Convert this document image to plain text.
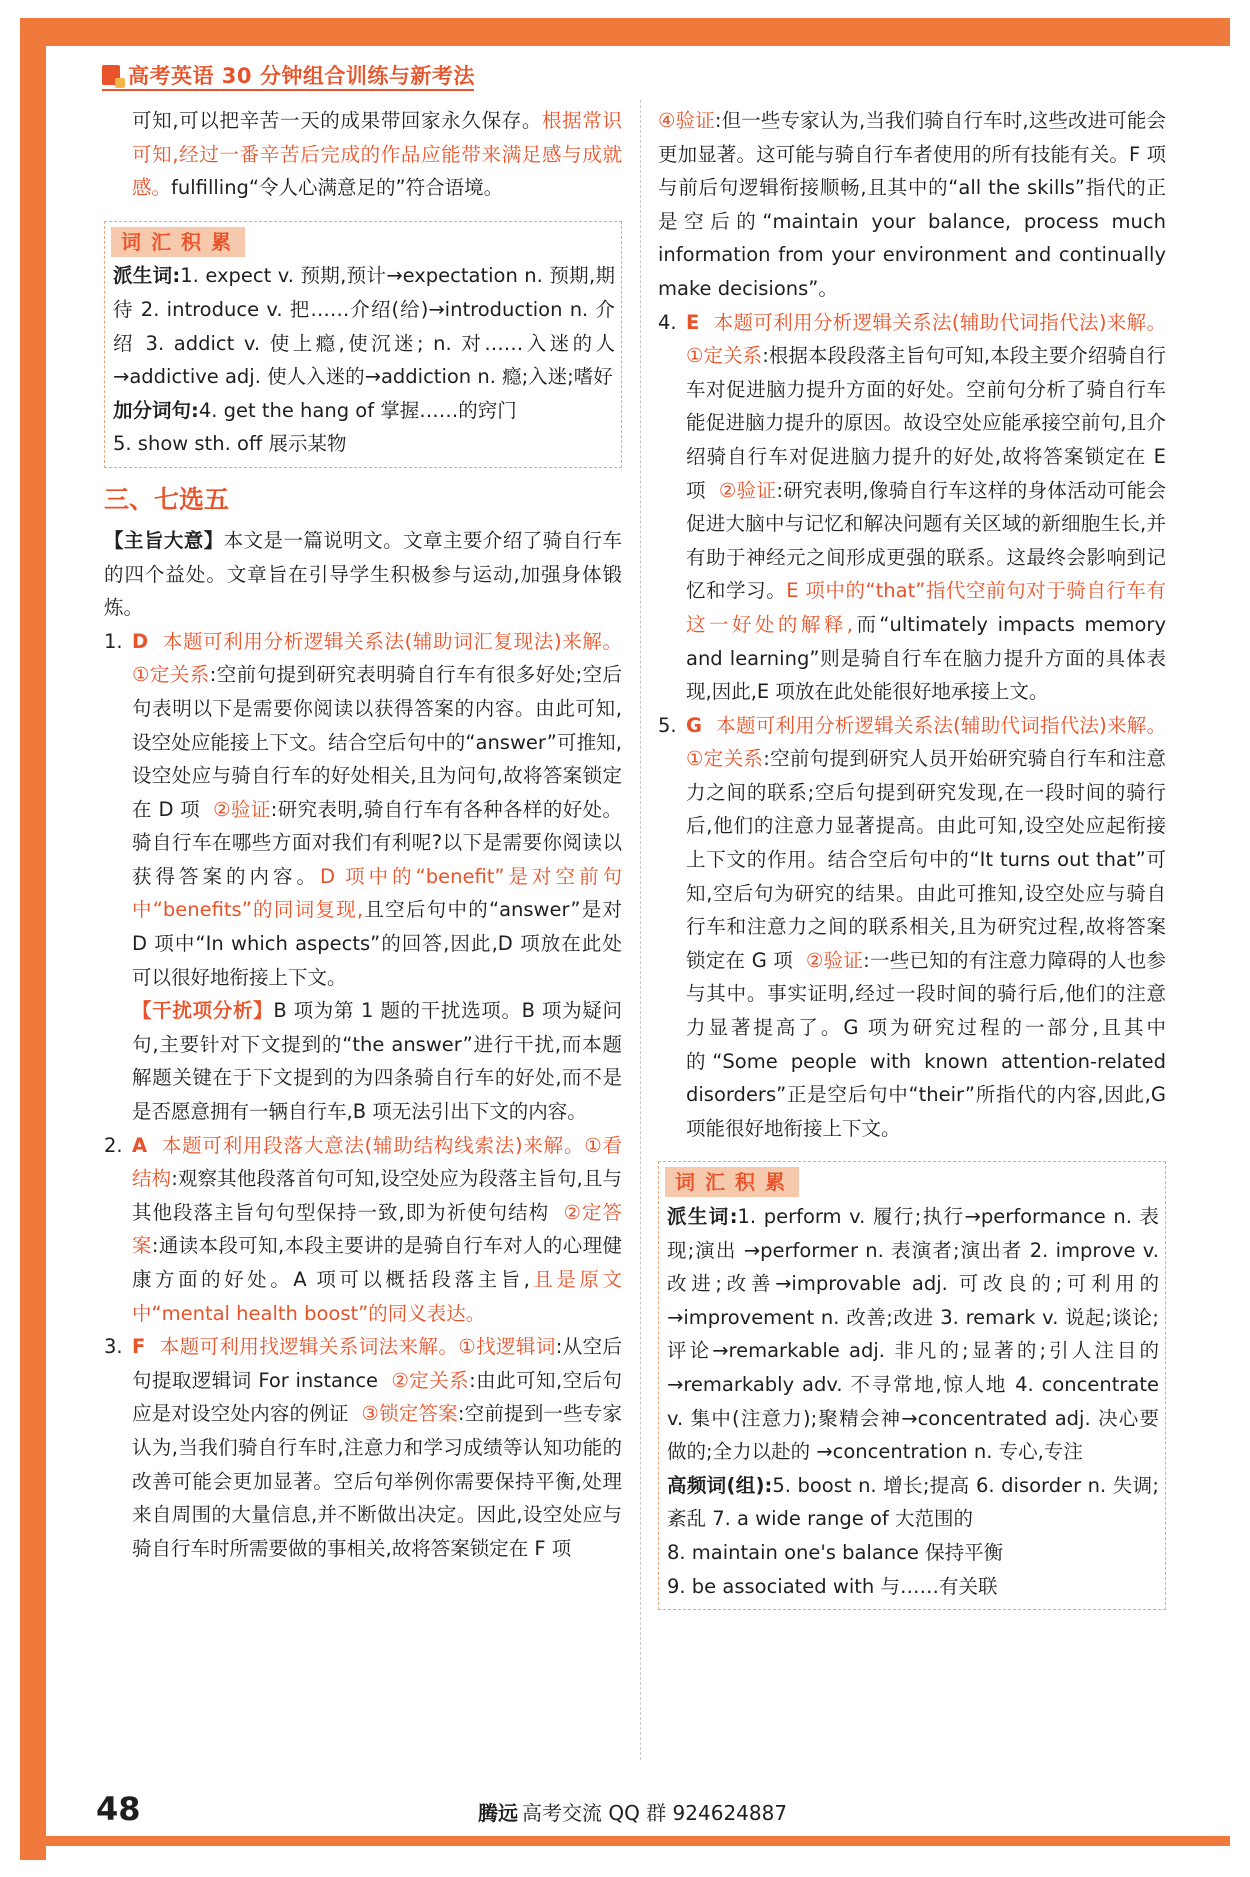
高考英语 30 分钟组合训练与新考法

可知,可以把辛苦一天的成果带回家永久保存。根据常识可知,经过一番辛苦后完成的作品应能带来满足感与成就感。fulfilling“令人心满意足的”符合语境。

词汇积累

派生词:1. expect v. 预期,预计→expectation n. 预期,期待 2. introduce v. 把……介绍(给)→introduction n. 介绍 3. addict v. 使上瘾,使沉迷; n. 对……入迷的人→addictive adj. 使人入迷的→addiction n. 瘾;入迷;嗜好

加分词句:4. get the hang of 掌握……的窍门

5. show sth. off 展示某物

三、七选五

【主旨大意】本文是一篇说明文。文章主要介绍了骑自行车的四个益处。文章旨在引导学生积极参与运动,加强身体锻炼。

1. D 本题可利用分析逻辑关系法(辅助词汇复现法)来解。①定关系:空前句提到研究表明骑自行车有很多好处;空后句表明以下是需要你阅读以获得答案的内容。由此可知,设空处应能接上下文。结合空后句中的“answer”可推知,设空处应与骑自行车的好处相关,且为问句,故将答案锁定在 D 项 ②验证:研究表明,骑自行车有各种各样的好处。骑自行车在哪些方面对我们有利呢?以下是需要你阅读以获得答案的内容。D 项中的“benefit”是对空前句中“benefits”的同词复现,且空后句中的“answer”是对 D 项中“In which aspects”的回答,因此,D 项放在此处可以很好地衔接上下文。

【干扰项分析】B 项为第 1 题的干扰选项。B 项为疑问句,主要针对下文提到的“the answer”进行干扰,而本题解题关键在于下文提到的为四条骑自行车的好处,而不是是否愿意拥有一辆自行车,B 项无法引出下文的内容。

2. A 本题可利用段落大意法(辅助结构线索法)来解。①看结构:观察其他段落首句可知,设空处应为段落主旨句,且与其他段落主旨句句型保持一致,即为祈使句结构 ②定答案:通读本段可知,本段主要讲的是骑自行车对人的心理健康方面的好处。A 项可以概括段落主旨,且是原文中“mental health boost”的同义表达。

3. F 本题可利用找逻辑关系词法来解。①找逻辑词:从空后句提取逻辑词 For instance ②定关系:由此可知,空后句应是对设空处内容的例证 ③锁定答案:空前提到一些专家认为,当我们骑自行车时,注意力和学习成绩等认知功能的改善可能会更加显著。空后句举例你需要保持平衡,处理来自周围的大量信息,并不断做出决定。因此,设空处应与骑自行车时所需要做的事相关,故将答案锁定在 F 项

④验证:但一些专家认为,当我们骑自行车时,这些改进可能会更加显著。这可能与骑自行车者使用的所有技能有关。F 项与前后句逻辑衔接顺畅,且其中的“all the skills”指代的正是空后的“maintain your balance, process much information from your environment and continually make decisions”。

4. E 本题可利用分析逻辑关系法(辅助代词指代法)来解。①定关系:根据本段段落主旨句可知,本段主要介绍骑自行车对促进脑力提升方面的好处。空前句分析了骑自行车能促进脑力提升的原因。故设空处应能承接空前句,且介绍骑自行车对促进脑力提升的好处,故将答案锁定在 E 项 ②验证:研究表明,像骑自行车这样的身体活动可能会促进大脑中与记忆和解决问题有关区域的新细胞生长,并有助于神经元之间形成更强的联系。这最终会影响到记忆和学习。E 项中的“that”指代空前句对于骑自行车有这一好处的解释,而“ultimately impacts memory and learning”则是骑自行车在脑力提升方面的具体表现,因此,E 项放在此处能很好地承接上文。

5. G 本题可利用分析逻辑关系法(辅助代词指代法)来解。①定关系:空前句提到研究人员开始研究骑自行车和注意力之间的联系;空后句提到研究发现,在一段时间的骑行后,他们的注意力显著提高。由此可知,设空处应起衔接上下文的作用。结合空后句中的“It turns out that”可知,空后句为研究的结果。由此可推知,设空处应与骑自行车和注意力之间的联系相关,且为研究过程,故将答案锁定在 G 项 ②验证:一些已知的有注意力障碍的人也参与其中。事实证明,经过一段时间的骑行后,他们的注意力显著提高了。G 项为研究过程的一部分,且其中的“Some people with known attention-related disorders”正是空后句中“their”所指代的内容,因此,G 项能很好地衔接上下文。

词汇积累

派生词:1. perform v. 履行;执行→performance n. 表现;演出 →performer n. 表演者;演出者 2. improve v. 改进;改善→improvable adj. 可改良的;可利用的 →improvement n. 改善;改进 3. remark v. 说起;谈论;评论→remarkable adj. 非凡的;显著的;引人注目的→remarkably adv. 不寻常地,惊人地 4. concentrate v. 集中(注意力);聚精会神→concentrated adj. 决心要做的;全力以赴的 →concentration n. 专心,专注

高频词(组):5. boost n. 增长;提高 6. disorder n. 失调;紊乱 7. a wide range of 大范围的

8. maintain one's balance 保持平衡

9. be associated with 与……有关联

48	腾远 高考交流 QQ 群 924624887
